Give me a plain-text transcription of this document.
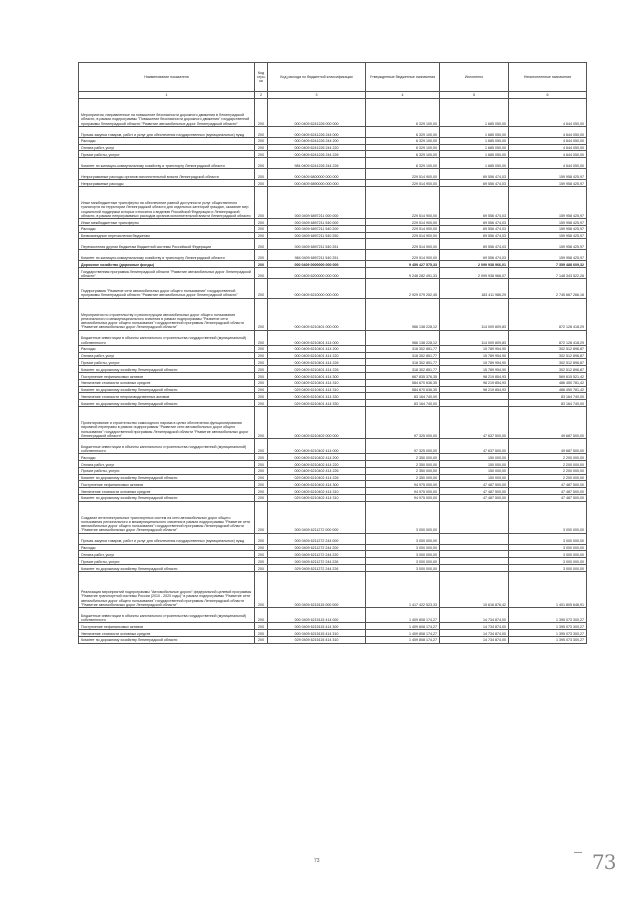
Наименование показателя	Код стро-ки	Код расхода по бюджетной классификации	Утвержденные бюджетные назначения	Исполнено	Неисполненные назначения
1	2	3	4	5	6
Мероприятия, направленные на повышение безопасности дорожного движения в Ленинградской области, в рамках подпрограммы "Повышение безопасности дорожного движения" государственной программы Ленинградской области "Развитие автомобильных дорог Ленинградской области"	200	000 0409 6241226 000 000	6 329 100,00	1 685 050,00	4 644 050,00
Прочая закупка товаров, работ и услуг для обеспечения государственных (муниципальных) нужд	200	000 0409 6241226 244 000	6 329 100,00	1 685 050,00	4 644 050,00
Расходы	200	000 0409 6241226 244 200	6 329 100,00	1 685 050,00	4 644 050,00
Оплата работ, услуг	200	000 0409 6241226 244 220	6 329 100,00	1 685 050,00	4 644 050,00
Прочие работы, услуги	200	000 0409 6241226 244 226	6 329 100,00	1 685 050,00	4 644 050,00
Комитет по жилищно-коммунальному хозяйству и транспорту Ленинградской области	200	984 0409 6241226 244 226	6 329 100,00	1 685 050,00	4 644 050,00
Непрограммные расходы органов исполнительной власти Ленинградской области	200	000 0409 6800000 000 000	229 514 900,00	69 556 474,03	159 958 425,97
Непрограммные расходы	200	000 0409 6890000 000 000	229 514 900,00	69 556 474,03	159 958 425,97
Иные межбюджетные трансферты на обеспечение равной доступности услуг общественного транспорта на территории Ленинградской области для отдельных категорий граждан, оказание мер социальной поддержки которых относится к ведению Российской Федерации и Ленинградской области, в рамках непрограммных расходов органов исполнительной власти Ленинградской области	200	000 0409 6897211 000 000	229 514 900,00	69 556 474,03	159 958 425,97
Иные межбюджетные трансферты	200	000 0409 6897211 540 000	229 514 900,00	69 556 474,03	159 958 425,97
Расходы	200	000 0409 6897211 540 200	229 514 900,00	69 556 474,03	159 958 425,97
Безвозмездные перечисления бюджетам	200	000 0409 6897211 540 250	229 514 900,00	69 556 474,03	159 958 425,97
Перечисления другим бюджетам бюджетной системы Российской Федерации	200	000 0409 6897211 540 251	229 514 900,00	69 556 474,03	159 958 425,97
Комитет по жилищно-коммунальному хозяйству и транспорту Ленинградской области	200	984 0409 6897211 540 251	229 514 900,00	69 556 474,03	159 958 425,97
Дорожное хозяйство (дорожные фонды)	200	000 0409 0000000 000 000	9 459 427 575,33	2 099 938 966,01	7 359 488 609,32
Государственная программа Ленинградской области "Развитие автомобильных дорог Ленинградской области"	200	000 0409 6200000 000 000	9 248 282 491,33	2 099 938 966,07	7 148 343 522,26
Подпрограмма "Развитие сети автомобильных дорог общего пользования" государственной программы Ленинградской области "Развитие автомобильных дорог Ленинградской области"	200	000 0409 6210000 000 000	2 929 079 252,45	183 411 986,29	2 745 667 266,16
Мероприятия по строительству и реконструкции автомобильных дорог общего пользования регионального и межмуниципального значения в рамках подпрограммы "Развитие сети автомобильных дорог общего пользования" государственной программы Ленинградской области "Развитие автомобильных дорог Ленинградской области"	200	000 0409 6210401 000 000	986 138 228,12	114 009 809,83	872 128 418,29
Бюджетные инвестиции в объекты капитального строительства государственной (муниципальной) собственности	200	000 0409 6210401 414 000	986 138 228,12	114 009 809,83	872 128 418,29
Расходы	200	000 0409 6210401 414 200	318 302 851,77	15 789 954,90	302 512 896,87
Оплата работ, услуг	200	000 0409 6210401 414 220	318 302 851,77	15 789 954,90	302 512 896,87
Прочие работы, услуги	200	000 0409 6210401 414 226	318 302 851,77	15 789 954,90	302 512 896,87
Комитет по дорожному хозяйству Ленинградской области	200	029 0409 6210401 414 226	318 302 851,77	15 789 954,90	302 512 896,87
Поступление нефинансовых активов	200	000 0409 6210401 414 300	667 835 376,35	98 219 854,93	569 615 521,42
Увеличение стоимости основных средств	200	000 0409 6210401 414 310	584 670 636,35	98 219 854,93	486 450 781,42
Комитет по дорожному хозяйству Ленинградской области	200	029 0409 6210401 414 310	584 670 636,35	98 219 854,93	486 450 781,42
Увеличение стоимости непроизводственных активов	200	000 0409 6210401 414 330	83 164 740,00		83 164 740,00
Комитет по дорожному хозяйству Ленинградской области	200	029 0409 6210401 414 330	83 164 740,00		83 164 740,00
Проектирование и строительство самоходного парома в целях обеспечения функционирования паромной переправы в рамках подпрограммы "Развитие сети автомобильных дорог общего пользования" государственной программы Ленинградской области "Развитие автомобильных дорог Ленинградской области"	200	000 0409 6210402 000 000	97 325 000,00	47 637 500,00	49 687 500,00
Бюджетные инвестиции в объекты капитального строительства государственной (муниципальной) собственности	200	000 0409 6210402 414 000	97 325 000,00	47 637 500,00	49 687 500,00
Расходы	200	000 0409 6210402 414 200	2 350 000,00	150 000,00	2 200 000,00
Оплата работ, услуг	200	000 0409 6210402 414 220	2 350 000,00	150 000,00	2 200 000,00
Прочие работы, услуги	200	000 0409 6210402 414 226	2 350 000,00	150 000,00	2 200 000,00
Комитет по дорожному хозяйству Ленинградской области	200	029 0409 6210402 414 226	2 350 000,00	150 000,00	2 200 000,00
Поступление нефинансовых активов	200	000 0409 6210402 414 300	94 975 000,00	47 487 500,00	47 487 500,00
Увеличение стоимости основных средств	200	000 0409 6210402 414 310	94 975 000,00	47 487 500,00	47 487 500,00
Комитет по дорожному хозяйству Ленинградской области	200	029 0409 6210402 414 310	94 975 000,00	47 487 500,00	47 487 500,00
Создание интеллектуальных транспортных систем на сети автомобильных дорог общего пользования регионального и межмуниципального значения в рамках подпрограммы "Развитие сети автомобильных дорог общего пользования" государственной программы Ленинградской области "Развитие автомобильных дорог Ленинградской области"	200	000 0409 6211272 000 000	3 000 000,00		3 000 000,00
Прочая закупка товаров, работ и услуг для обеспечения государственных (муниципальных) нужд	200	000 0409 6211272 244 000	3 000 000,00		3 000 000,00
Расходы	200	000 0409 6211272 244 200	3 000 000,00		3 000 000,00
Оплата работ, услуг	200	000 0409 6211272 244 220	3 000 000,00		3 000 000,00
Прочие работы, услуги	200	000 0409 6211272 244 226	3 000 000,00		3 000 000,00
Комитет по дорожному хозяйству Ленинградской области	200	029 0409 6211272 244 226	3 000 000,00		3 000 000,00
Реализация мероприятий подпрограммы "Автомобильные дороги" федеральной целевой программы "Развитие транспортной системы России (2010 - 2020 годы)" в рамках подпрограммы "Развитие сети автомобильных дорог общего пользования" государственной программы Ленинградской области "Развитие автомобильных дорог Ленинградской области"	200	000 0409 6215115 000 000	1 417 422 523,33	15 616 876,42	1 401 805 646,91
Бюджетные инвестиции в объекты капитального строительства государственной (муниципальной) собственности	200	000 0409 6215115 414 000	1 409 808 174,27	14 734 874,00	1 395 073 300,27
Поступление нефинансовых активов	200	000 0409 6215115 414 300	1 409 808 174,27	14 734 874,00	1 395 073 300,27
Увеличение стоимости основных средств	200	000 0409 6215115 414 310	1 409 808 174,27	14 734 874,00	1 395 073 300,27
Комитет по дорожному хозяйству Ленинградской области	200	029 0409 6215115 414 310	1 409 808 174,27	14 734 874,00	1 395 073 300,27
73	73
